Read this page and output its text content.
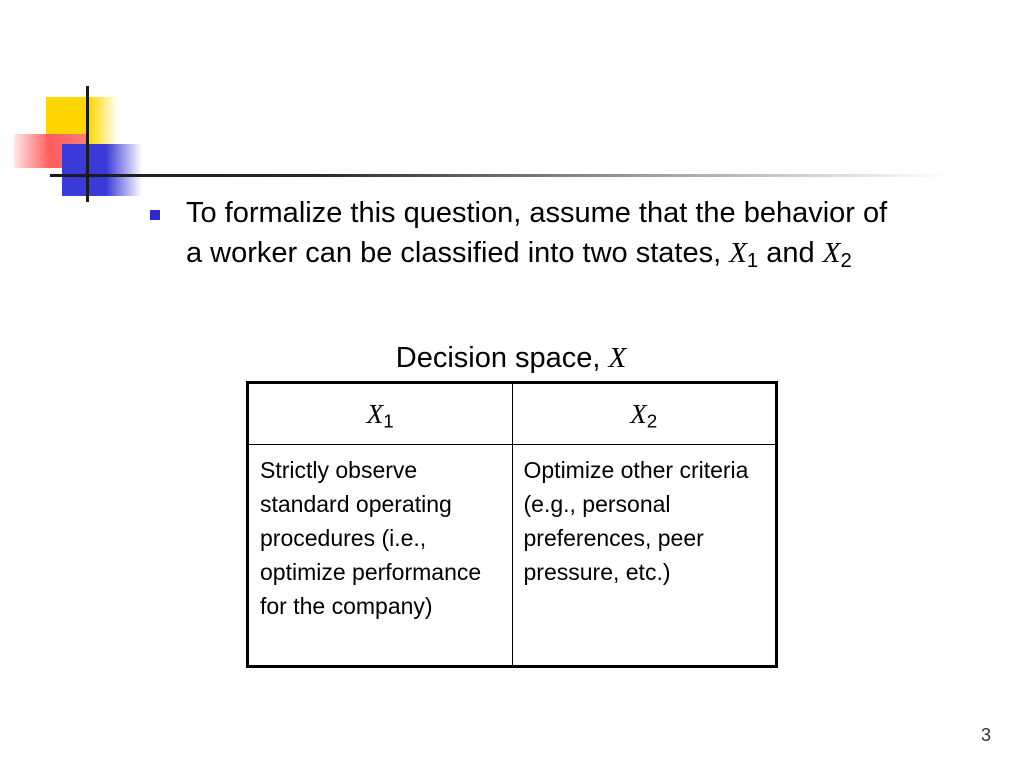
To formalize this question, assume that the behavior of a worker can be classified into two states, $X_1$ and $X_2$

Decision space, X
$X_1$	$X_2$
Strictly observe standard operating procedures (i.e., optimize performance for the company)	Optimize other criteria (e.g., personal preferences, peer pressure, etc.)
3
